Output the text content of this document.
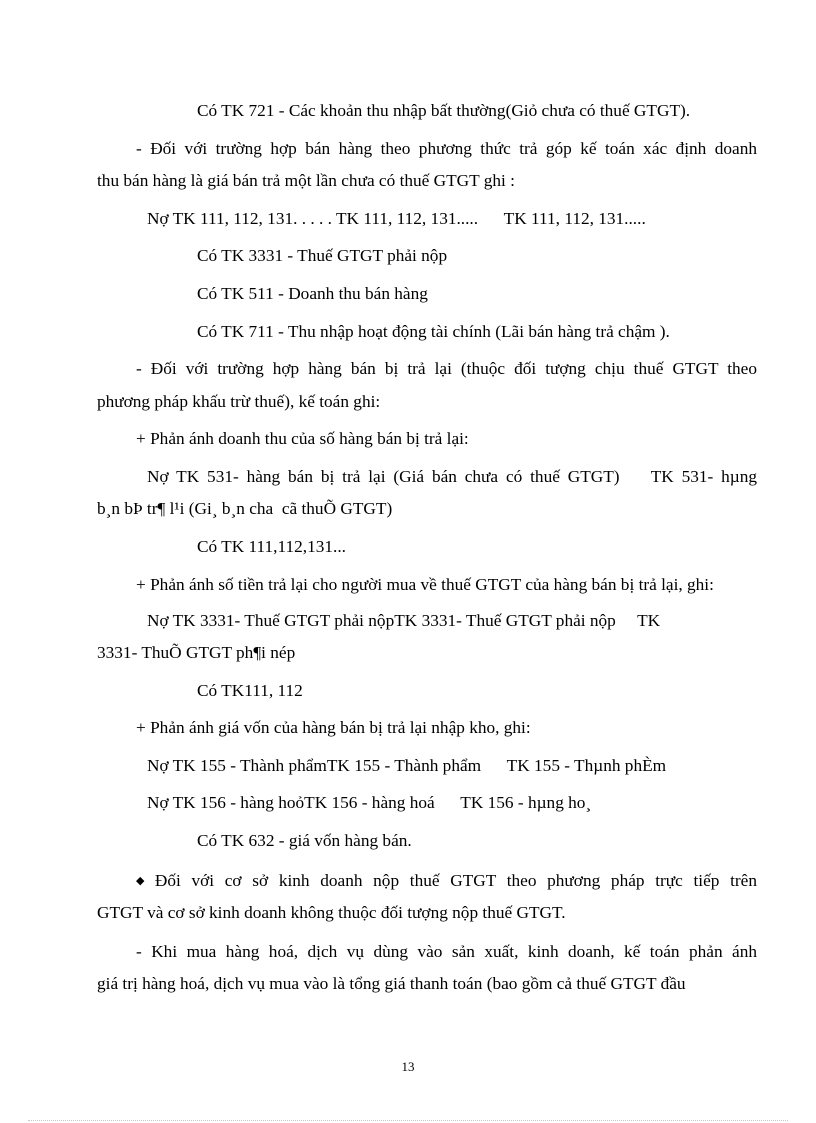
Có TK 721 - Các khoản thu nhập bất thường(Giỏ chưa có thuế GTGT).
- Đối với trường hợp bán hàng theo phương thức trả góp kế toán xác định doanh
thu bán hàng là giá bán trả một lần chưa có thuế GTGT ghi :
Nợ TK 111, 112, 131. . . . . TK 111, 112, 131.....      TK 111, 112, 131.....
Có TK 3331 - Thuế GTGT phải nộp
Có TK 511 - Doanh thu bán hàng
Có TK 711 - Thu nhập hoạt động tài chính (Lãi bán hàng trả chậm ).
- Đối với trường hợp hàng bán bị trả lại (thuộc đối tượng chịu thuế GTGT theo
phương pháp khấu trừ thuế), kế toán ghi:
+ Phản ánh doanh thu của số hàng bán bị trả lại:
Nợ TK 531- hàng bán bị trả lại (Giá bán chưa có thuế GTGT)    TK 531- hµng
b¸n bÞ tr¶ l¹i (Gi¸ b¸n cha  cã thuÕ GTGT)
Có TK 111,112,131...
+ Phản ánh số tiền trả lại cho người mua về thuế GTGT của hàng bán bị trả lại, ghi:
Nợ TK 3331- Thuế GTGT phải nộpTK 3331- Thuế GTGT phải nộp     TK
3331- ThuÕ GTGT ph¶i nép
Có TK111, 112
+ Phản ánh giá vốn của hàng bán bị trả lại nhập kho, ghi:
Nợ TK 155 - Thành phẩmTK 155 - Thành phẩm      TK 155 - Thµnh phÈm
Nợ TK 156 - hàng hoỏTK 156 - hàng hoá      TK 156 - hµng ho¸
Có TK 632 - giá vốn hàng bán.
◆ Đối với cơ sở kinh doanh nộp thuế GTGT theo phương pháp trực tiếp trên
GTGT và cơ sở kinh doanh không thuộc đối tượng nộp thuế GTGT.
- Khi mua hàng hoá, dịch vụ dùng vào sản xuất, kinh doanh, kế toán phản ánh
giá trị hàng hoá, dịch vụ mua vào là tổng giá thanh toán (bao gồm cả thuế GTGT đầu
13
